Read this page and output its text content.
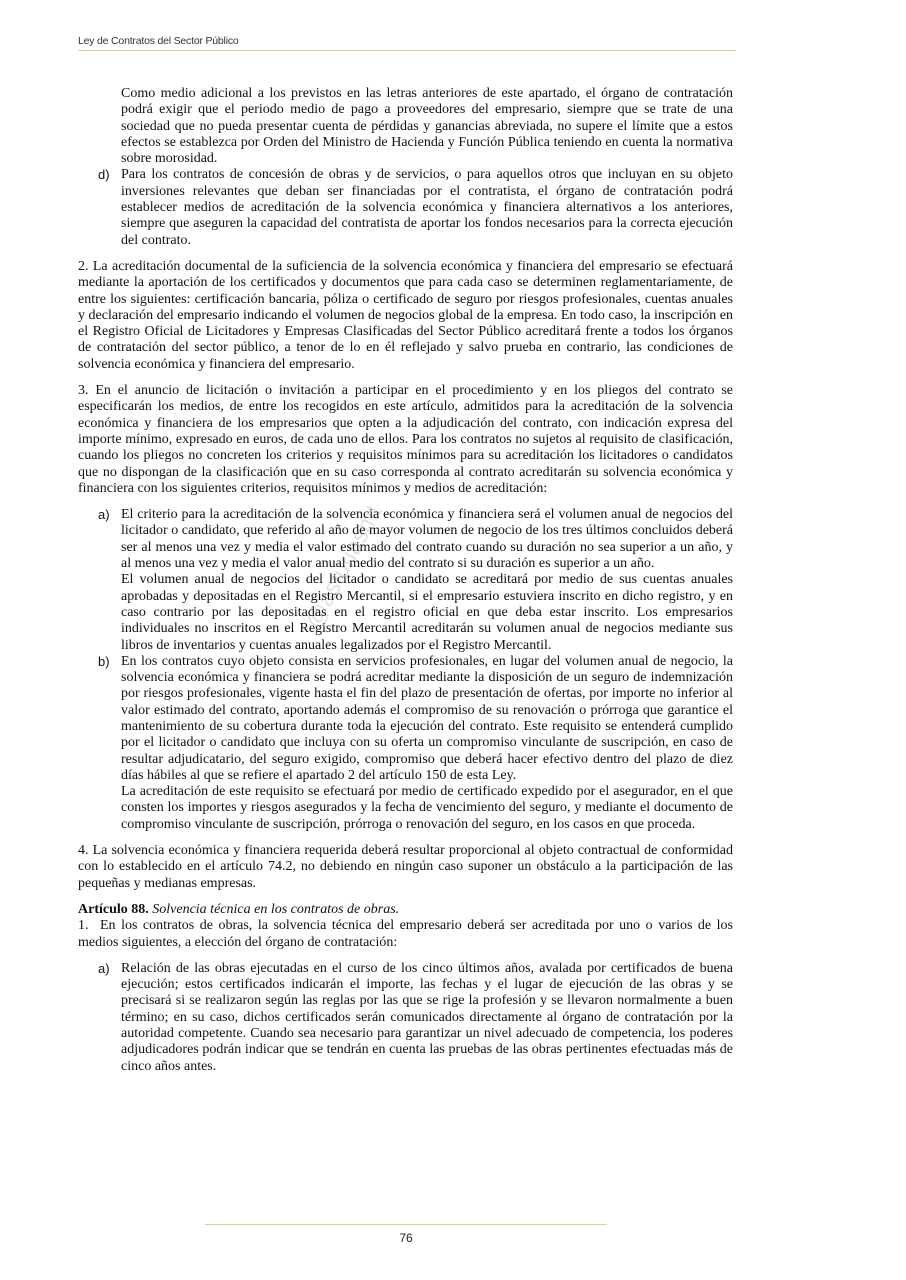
Ley de Contratos del Sector Público
@asturiasmt

Como medio adicional a los previstos en las letras anteriores de este apartado, el órgano de contratación podrá exigir que el periodo medio de pago a proveedores del empresario, siempre que se trate de una sociedad que no pueda presentar cuenta de pérdidas y ganancias abreviada, no supere el límite que a estos efectos se establezca por Orden del Ministro de Hacienda y Función Pública teniendo en cuenta la normativa sobre morosidad.

d) Para los contratos de concesión de obras y de servicios, o para aquellos otros que incluyan en su objeto inversiones relevantes que deban ser financiadas por el contratista, el órgano de contratación podrá establecer medios de acreditación de la solvencia económica y financiera alternativos a los anteriores, siempre que aseguren la capacidad del contratista de aportar los fondos necesarios para la correcta ejecución del contrato.

2. La acreditación documental de la suficiencia de la solvencia económica y financiera del empresario se efectuará mediante la aportación de los certificados y documentos que para cada caso se determinen reglamentariamente, de entre los siguientes: certificación bancaria, póliza o certificado de seguro por riesgos profesionales, cuentas anuales y declaración del empresario indicando el volumen de negocios global de la empresa. En todo caso, la inscripción en el Registro Oficial de Licitadores y Empresas Clasificadas del Sector Público acreditará frente a todos los órganos de contratación del sector público, a tenor de lo en él reflejado y salvo prueba en contrario, las condiciones de solvencia económica y financiera del empresario.

3. En el anuncio de licitación o invitación a participar en el procedimiento y en los pliegos del contrato se especificarán los medios, de entre los recogidos en este artículo, admitidos para la acreditación de la solvencia económica y financiera de los empresarios que opten a la adjudicación del contrato, con indicación expresa del importe mínimo, expresado en euros, de cada uno de ellos. Para los contratos no sujetos al requisito de clasificación, cuando los pliegos no concreten los criterios y requisitos mínimos para su acreditación los licitadores o candidatos que no dispongan de la clasificación que en su caso corresponda al contrato acreditarán su solvencia económica y financiera con los siguientes criterios, requisitos mínimos y medios de acreditación:

a) El criterio para la acreditación de la solvencia económica y financiera será el volumen anual de negocios del licitador o candidato, que referido al año de mayor volumen de negocio de los tres últimos concluidos deberá ser al menos una vez y media el valor estimado del contrato cuando su duración no sea superior a un año, y al menos una vez y media el valor anual medio del contrato si su duración es superior a un año.

El volumen anual de negocios del licitador o candidato se acreditará por medio de sus cuentas anuales aprobadas y depositadas en el Registro Mercantil, si el empresario estuviera inscrito en dicho registro, y en caso contrario por las depositadas en el registro oficial en que deba estar inscrito. Los empresarios individuales no inscritos en el Registro Mercantil acreditarán su volumen anual de negocios mediante sus libros de inventarios y cuentas anuales legalizados por el Registro Mercantil.

b) En los contratos cuyo objeto consista en servicios profesionales, en lugar del volumen anual de negocio, la solvencia económica y financiera se podrá acreditar mediante la disposición de un seguro de indemnización por riesgos profesionales, vigente hasta el fin del plazo de presentación de ofertas, por importe no inferior al valor estimado del contrato, aportando además el compromiso de su renovación o prórroga que garantice el mantenimiento de su cobertura durante toda la ejecución del contrato. Este requisito se entenderá cumplido por el licitador o candidato que incluya con su oferta un compromiso vinculante de suscripción, en caso de resultar adjudicatario, del seguro exigido, compromiso que deberá hacer efectivo dentro del plazo de diez días hábiles al que se refiere el apartado 2 del artículo 150 de esta Ley.

La acreditación de este requisito se efectuará por medio de certificado expedido por el asegurador, en el que consten los importes y riesgos asegurados y la fecha de vencimiento del seguro, y mediante el documento de compromiso vinculante de suscripción, prórroga o renovación del seguro, en los casos en que proceda.

4. La solvencia económica y financiera requerida deberá resultar proporcional al objeto contractual de conformidad con lo establecido en el artículo 74.2, no debiendo en ningún caso suponer un obstáculo a la participación de las pequeñas y medianas empresas.

Artículo 88. Solvencia técnica en los contratos de obras.

1. En los contratos de obras, la solvencia técnica del empresario deberá ser acreditada por uno o varios de los medios siguientes, a elección del órgano de contratación:

a) Relación de las obras ejecutadas en el curso de los cinco últimos años, avalada por certificados de buena ejecución; estos certificados indicarán el importe, las fechas y el lugar de ejecución de las obras y se precisará si se realizaron según las reglas por las que se rige la profesión y se llevaron normalmente a buen término; en su caso, dichos certificados serán comunicados directamente al órgano de contratación por la autoridad competente. Cuando sea necesario para garantizar un nivel adecuado de competencia, los poderes adjudicadores podrán indicar que se tendrán en cuenta las pruebas de las obras pertinentes efectuadas más de cinco años antes.

76
